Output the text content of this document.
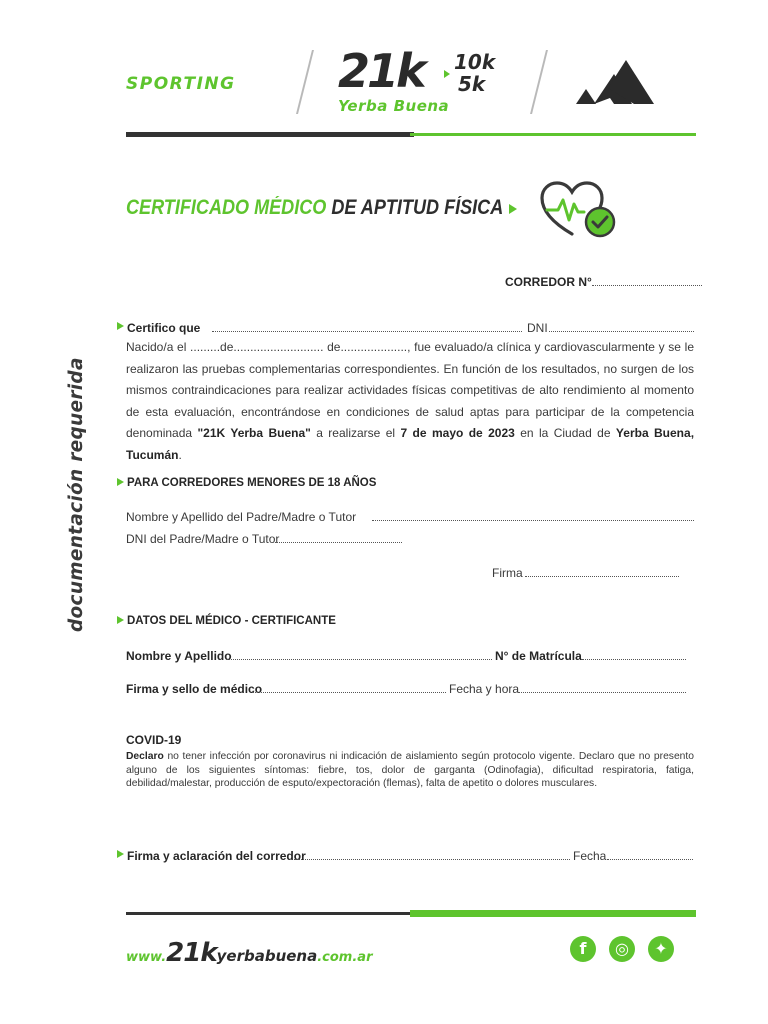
SPORTING 21k 10k
5k
Yerba Buena
CERTIFICADO MÉDICO DE APTITUD FÍSICA
documentación requerida
CORREDOR N°
Certifico que	DNI
Nacido/a el .........de........................... de...................., fue evaluado/a clínica y cardiovascularmente y se le realizaron las pruebas complementarias correspondientes. En función de los resultados, no surgen de los mismos contraindicaciones para realizar actividades físicas competitivas de alto rendimiento al momento de esta evaluación, encontrándose en condiciones de salud aptas para participar de la competencia denominada "21K Yerba Buena" a realizarse el 7 de mayo de 2023 en la Ciudad de Yerba Buena, Tucumán.
PARA CORREDORES MENORES DE 18 AÑOS
Nombre y Apellido del Padre/Madre o Tutor
DNI del Padre/Madre o Tutor
Firma
DATOS DEL MÉDICO - CERTIFICANTE
Nombre y Apellido	N° de Matrícula
Firma y sello de médico	Fecha y hora
COVID-19
Declaro no tener infección por coronavirus ni indicación de aislamiento según protocolo vigente. Declaro que no presento alguno de los siguientes síntomas: fiebre, tos, dolor de garganta (Odinofagia), dificultad respiratoria, fatiga, debilidad/malestar, producción de esputo/expectoración (flemas), falta de apetito o dolores musculares.
Firma y aclaración del corredor	Fecha
www.21kyerbabuena.com.ar	f	◎	✦
